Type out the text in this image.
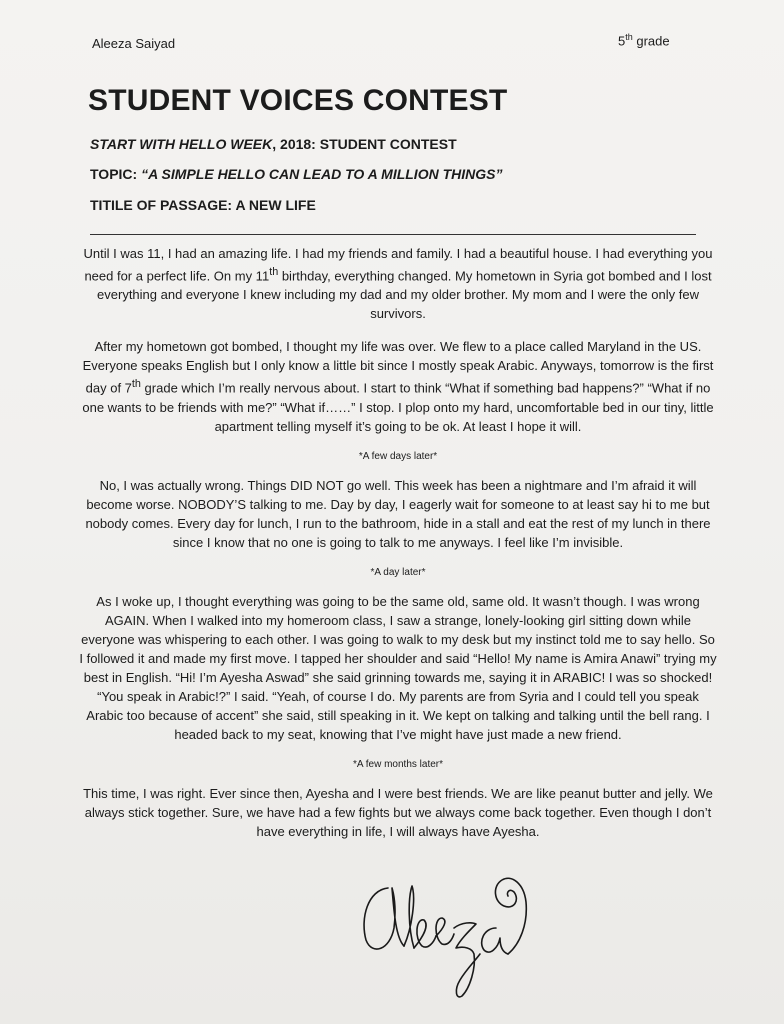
Aleeza Saiyad	5th grade
STUDENT VOICES CONTEST

START WITH HELLO WEEK, 2018: STUDENT CONTEST

TOPIC: “A SIMPLE HELLO CAN LEAD TO A MILLION THINGS”

TITILE OF PASSAGE: A NEW LIFE

Until I was 11, I had an amazing life. I had my friends and family. I had a beautiful house. I had everything you need for a perfect life. On my 11th birthday, everything changed. My hometown in Syria got bombed and I lost everything and everyone I knew including my dad and my older brother. My mom and I were the only few survivors.

After my hometown got bombed, I thought my life was over. We flew to a place called Maryland in the US. Everyone speaks English but I only know a little bit since I mostly speak Arabic. Anyways, tomorrow is the first day of 7th grade which I’m really nervous about. I start to think “What if something bad happens?” “What if no one wants to be friends with me?” “What if……” I stop. I plop onto my hard, uncomfortable bed in our tiny, little apartment telling myself it’s going to be ok. At least I hope it will.

*A few days later*

No, I was actually wrong. Things DID NOT go well. This week has been a nightmare and I’m afraid it will become worse. NOBODY’S talking to me. Day by day, I eagerly wait for someone to at least say hi to me but nobody comes. Every day for lunch, I run to the bathroom, hide in a stall and eat the rest of my lunch in there since I know that no one is going to talk to me anyways. I feel like I’m invisible.

*A day later*

As I woke up, I thought everything was going to be the same old, same old. It wasn’t though. I was wrong AGAIN. When I walked into my homeroom class, I saw a strange, lonely-looking girl sitting down while everyone was whispering to each other. I was going to walk to my desk but my instinct told me to say hello. So I followed it and made my first move. I tapped her shoulder and said “Hello! My name is Amira Anawi” trying my best in English. “Hi! I’m Ayesha Aswad” she said grinning towards me, saying it in ARABIC! I was so shocked! “You speak in Arabic!?” I said. “Yeah, of course I do. My parents are from Syria and I could tell you speak Arabic too because of accent” she said, still speaking in it. We kept on talking and talking until the bell rang. I headed back to my seat, knowing that I’ve might have just made a new friend.

*A few months later*

This time, I was right. Ever since then, Ayesha and I were best friends. We are like peanut butter and jelly. We always stick together. Sure, we have had a few fights but we always come back together. Even though I don’t have everything in life, I will always have Ayesha.
